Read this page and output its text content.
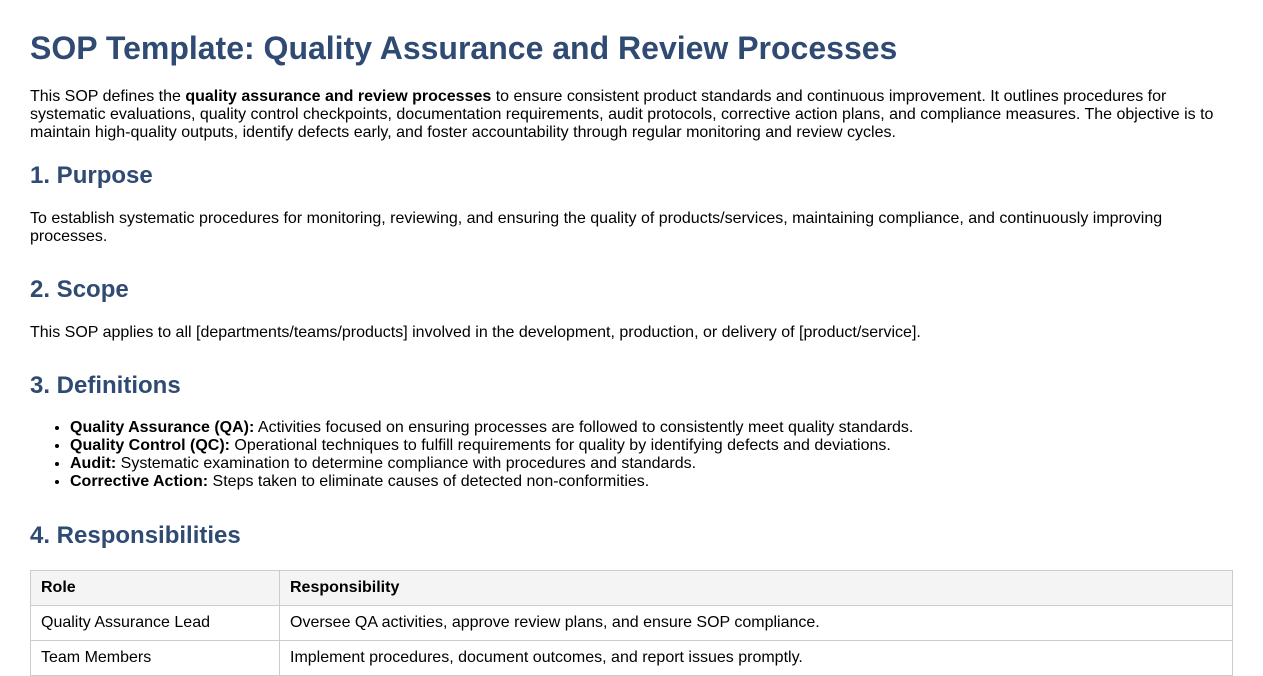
SOP Template: Quality Assurance and Review Processes

This SOP defines the quality assurance and review processes to ensure consistent product standards and continuous improvement. It outlines procedures for systematic evaluations, quality control checkpoints, documentation requirements, audit protocols, corrective action plans, and compliance measures. The objective is to maintain high-quality outputs, identify defects early, and foster accountability through regular monitoring and review cycles.

1. Purpose

To establish systematic procedures for monitoring, reviewing, and ensuring the quality of products/services, maintaining compliance, and continuously improving processes.

2. Scope

This SOP applies to all [departments/teams/products] involved in the development, production, or delivery of [product/service].

3. Definitions
• Quality Assurance (QA): Activities focused on ensuring processes are followed to consistently meet quality standards.
• Quality Control (QC): Operational techniques to fulfill requirements for quality by identifying defects and deviations.
• Audit: Systematic examination to determine compliance with procedures and standards.
• Corrective Action: Steps taken to eliminate causes of detected non-conformities.
4. Responsibilities
Role	Responsibility
Quality Assurance Lead	Oversee QA activities, approve review plans, and ensure SOP compliance.
Team Members	Implement procedures, document outcomes, and report issues promptly.
